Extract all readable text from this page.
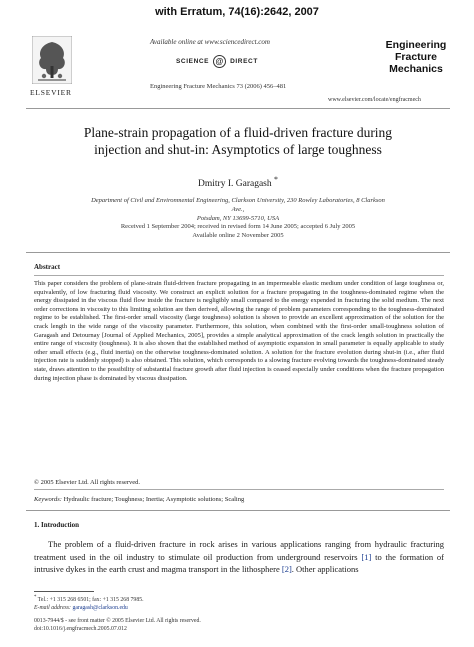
with Erratum, 74(16):2642, 2007
ELSEVIER
Available online at www.sciencedirect.com
SCIENCE @ DIRECT
Engineering Fracture Mechanics 73 (2006) 456–481
Engineering
Fracture
Mechanics
www.elsevier.com/locate/engfracmech
Plane-strain propagation of a fluid-driven fracture during
injection and shut-in: Asymptotics of large toughness
Dmitry I. Garagash *
Department of Civil and Environmental Engineering, Clarkson University, 230 Rowley Laboratories, 8 Clarkson Ave.,
Potsdam, NY 13699-5710, USA
Received 1 September 2004; received in revised form 14 June 2005; accepted 6 July 2005
Available online 2 November 2005
Abstract
This paper considers the problem of plane-strain fluid-driven fracture propagating in an impermeable elastic medium under condition of large toughness or, equivalently, of low fracturing fluid viscosity. We construct an explicit solution for a fracture propagating in the toughness-dominated regime when the energy dissipated in the viscous fluid flow inside the fracture is negligibly small compared to the energy expended in fracturing the solid medium. The next order corrections in viscosity to this limiting solution are then derived, allowing the range of problem parameters corresponding to the toughness-dominated regime to be established. The first-order small viscosity (large toughness) solution is shown to provide an excellent approximation of the solution for the crack length in the wide range of the viscosity parameter. Furthermore, this solution, when combined with the first-order small-toughness solution of Garagash and Detournay [Journal of Applied Mechanics, 2005], provides a simple analytical approximation of the crack length solution in practically the entire range of viscosity (toughness). It is also shown that the established method of asymptotic expansion in small parameter is equally applicable to study other small effects (e.g., fluid inertia) on the otherwise toughness-dominated solution. A solution for the fracture evolution during shut-in (i.e., after fluid injection rate is suddenly stopped) is also obtained. This solution, which corresponds to a slowing fracture evolving towards the toughness-dominated steady state, draws attention to the possibility of substantial fracture growth after fluid injection is ceased especially under conditions when the fracture propagation during injection phase is dominated by viscous dissipation.
© 2005 Elsevier Ltd. All rights reserved.
Keywords: Hydraulic fracture; Toughness; Inertia; Asymptotic solutions; Scaling
1. Introduction
The problem of a fluid-driven fracture in rock arises in various applications ranging from hydraulic fracturing treatment used in the oil industry to stimulate oil production from underground reservoirs [1] to the formation of intrusive dykes in the earth crust and magma transport in the lithosphere [2]. Other applications
* Tel.: +1 315 268 6501; fax: +1 315 268 7985.
E-mail address: garagash@clarkson.edu
0013-7944/$ - see front matter © 2005 Elsevier Ltd. All rights reserved.
doi:10.1016/j.engfracmech.2005.07.012
